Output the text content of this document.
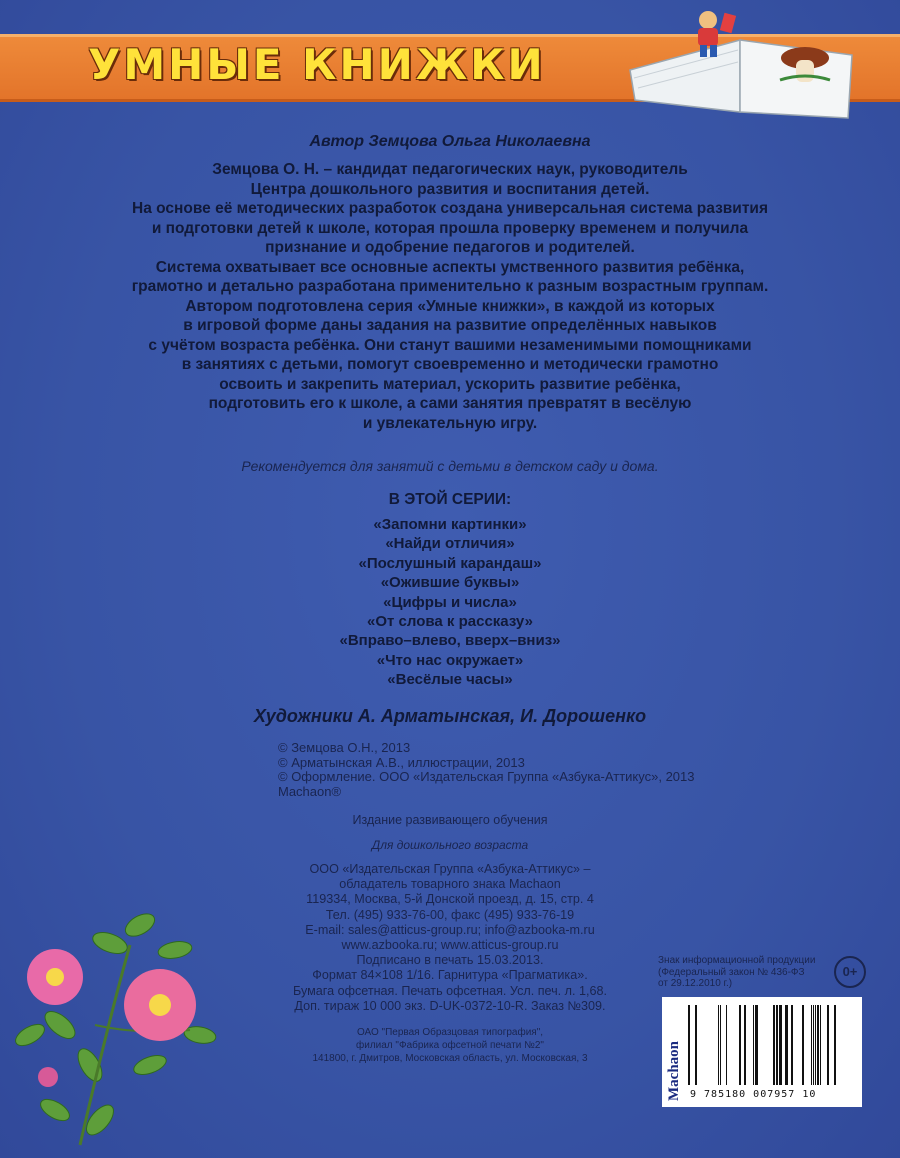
УМНЫЕ КНИЖКИ
Автор Земцова Ольга Николаевна
Земцова О. Н. – кандидат педагогических наук, руководитель
Центра дошкольного развития и воспитания детей.
На основе её методических разработок создана универсальная система развития
и подготовки детей к школе, которая прошла проверку временем и получила
признание и одобрение педагогов и родителей.
Система охватывает все основные аспекты умственного развития ребёнка,
грамотно и детально разработана применительно к разным возрастным группам.
Автором подготовлена серия «Умные книжки», в каждой из которых
в игровой форме даны задания на развитие определённых навыков
с учётом возраста ребёнка. Они станут вашими незаменимыми помощниками
в занятиях с детьми, помогут своевременно и методически грамотно
освоить и закрепить материал, ускорить развитие ребёнка,
подготовить его к школе, а сами занятия превратят в весёлую
и увлекательную игру.
Рекомендуется для занятий с детьми в детском саду и дома.
В ЭТОЙ СЕРИИ:
«Запомни картинки»
«Найди отличия»
«Послушный карандаш»
«Ожившие буквы»
«Цифры и числа»
«От слова к рассказу»
«Вправо–влево, вверх–вниз»
«Что нас окружает»
«Весёлые часы»
Художники А. Арматынская, И. Дорошенко
© Земцова О.Н., 2013
© Арматынская А.В., иллюстрации, 2013
© Оформление. ООО «Издательская Группа «Азбука-Аттикус», 2013
Machaon®
Издание развивающего обучения
Для дошкольного возраста
ООО «Издательская Группа «Азбука-Аттикус» –
обладатель товарного знака Machaon
119334, Москва, 5-й Донской проезд, д. 15, стр. 4
Тел. (495) 933-76-00, факс (495) 933-76-19
E-mail: sales@atticus-group.ru; info@azbooka-m.ru
www.azbooka.ru; www.atticus-group.ru
Подписано в печать 15.03.2013.
Формат 84×108 1/16. Гарнитура «Прагматика».
Бумага офсетная. Печать офсетная. Усл. печ. л. 1,68.
Доп. тираж 10 000 экз. D-UK-0372-10-R. Заказ №309.
ОАО "Первая Образцовая типография",
филиал "Фабрика офсетной печати №2"
141800, г. Дмитров, Московская область, ул. Московская, 3
Знак информационной продукции
(Федеральный закон № 436-ФЗ
от 29.12.2010 г.)
0+
Machaon 9 785180 007957 10
